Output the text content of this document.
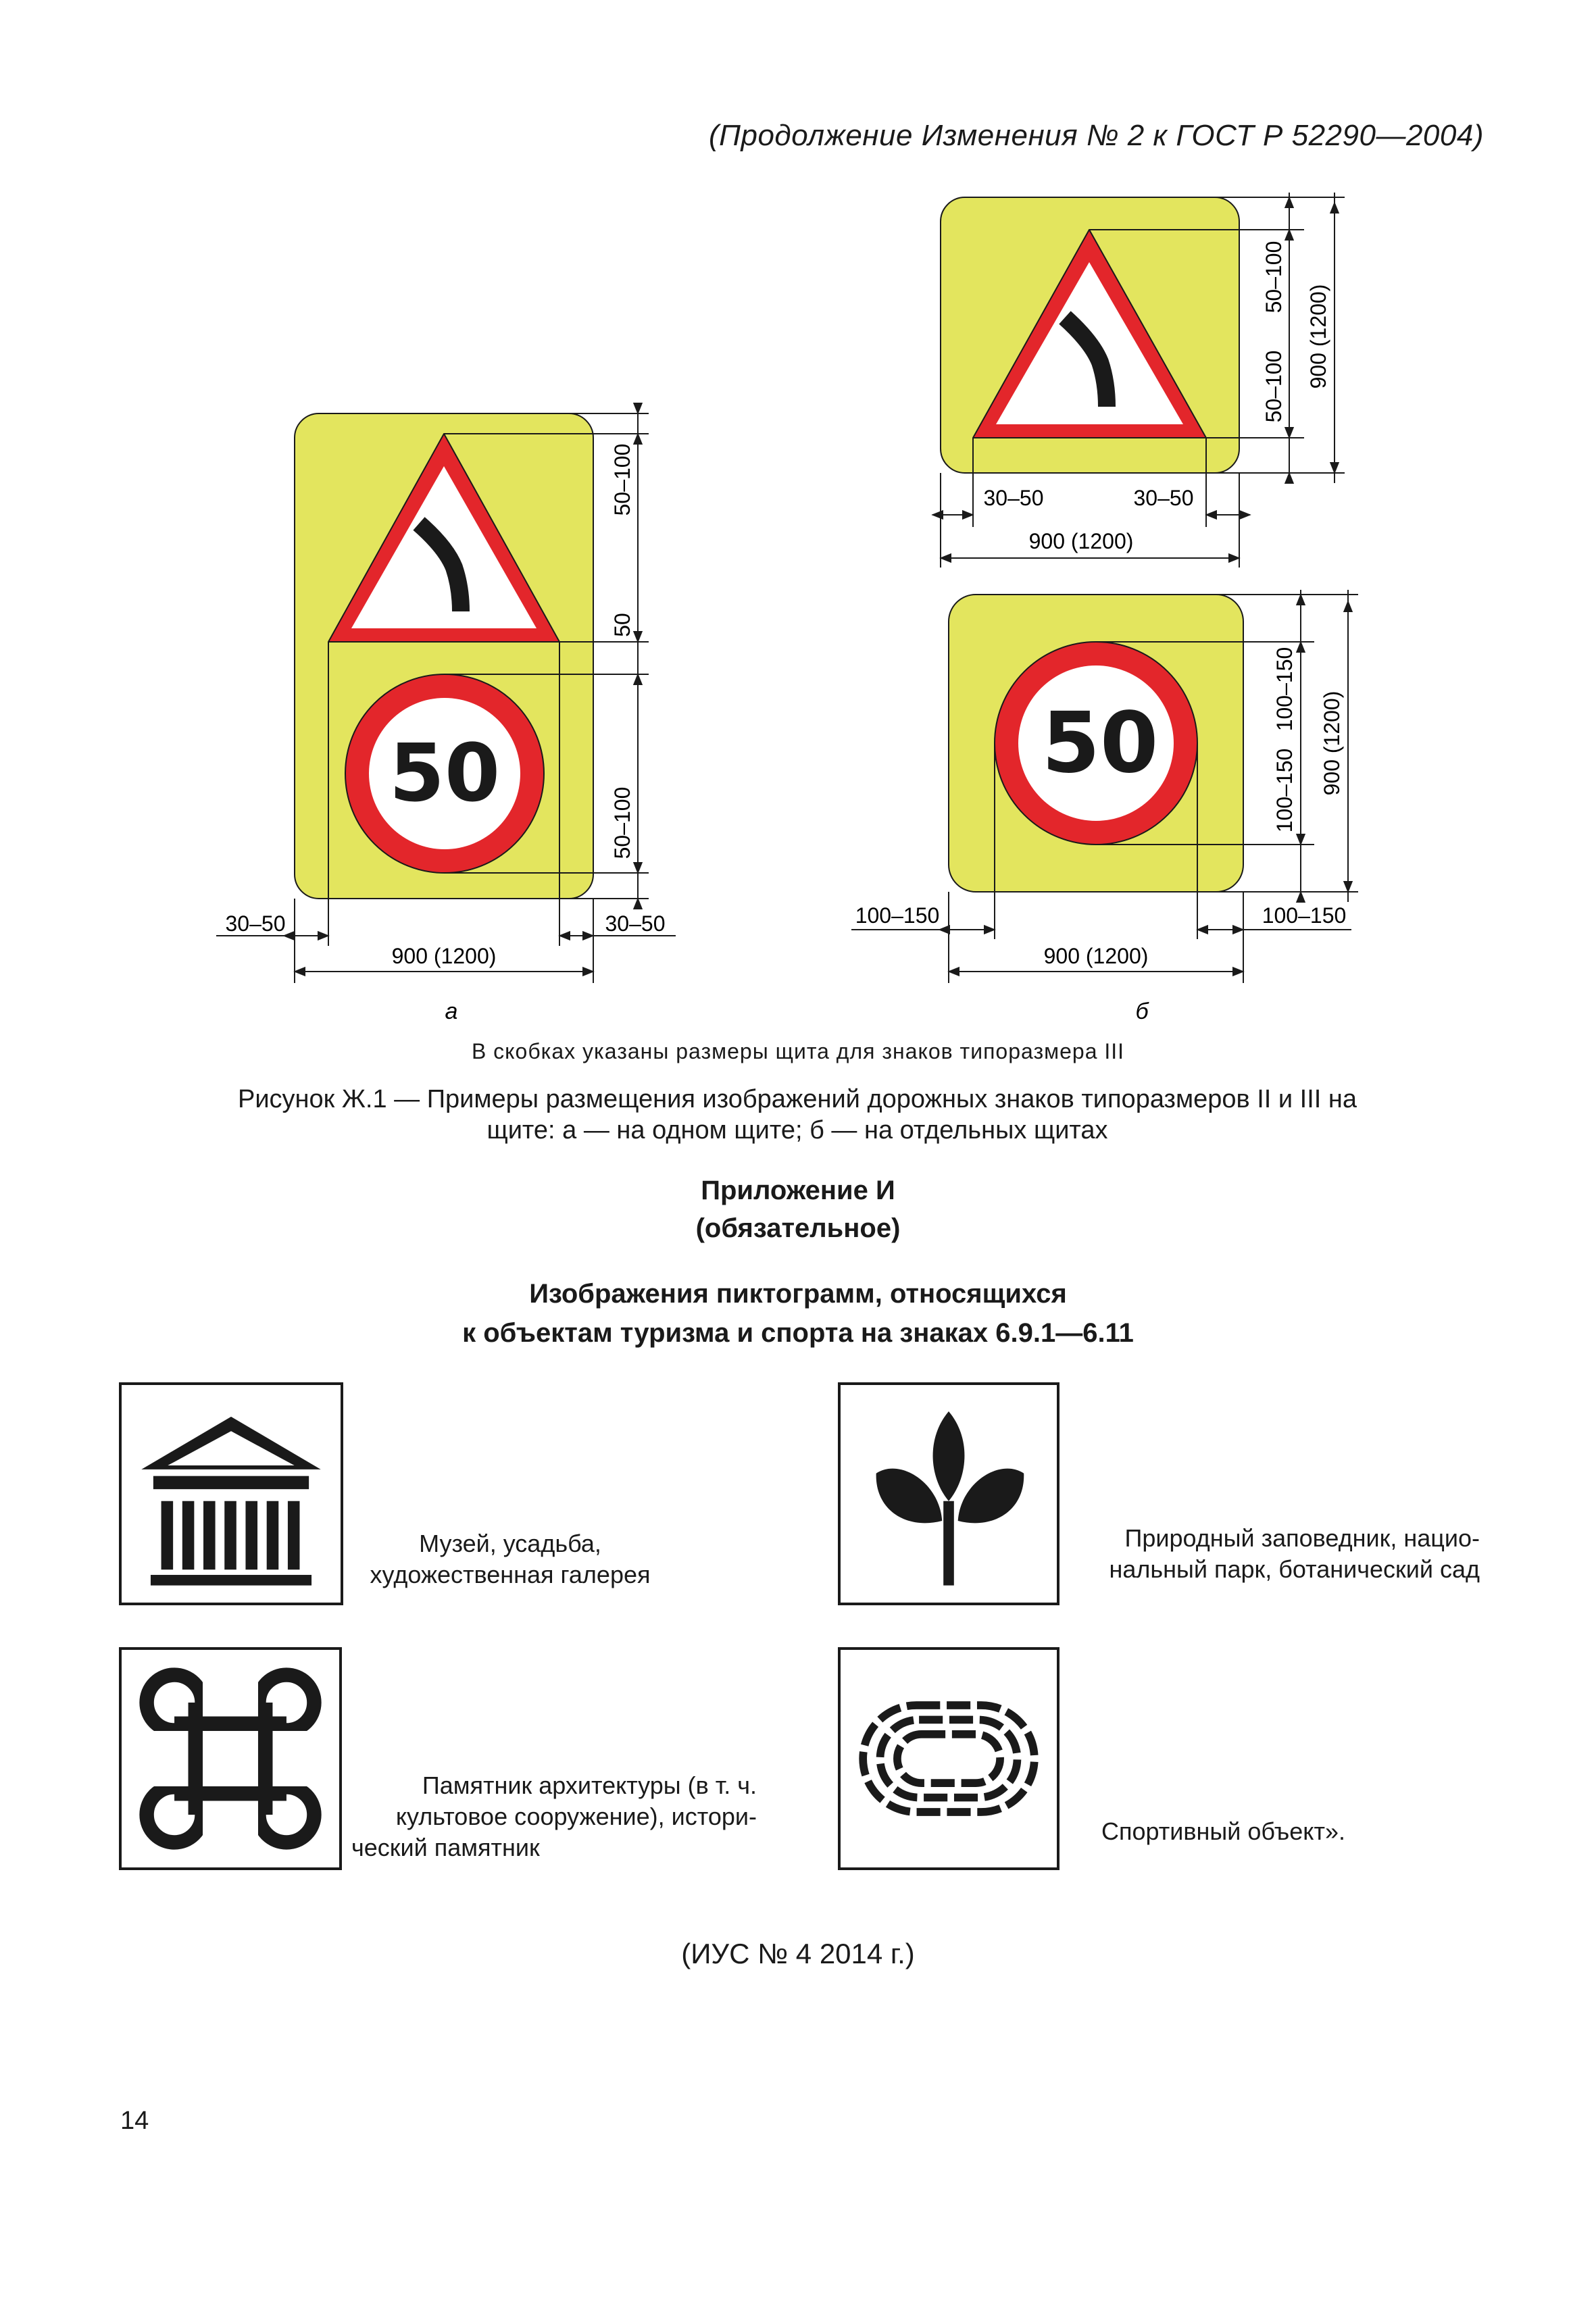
(Продолжение Изменения № 2 к ГОСТ Р 52290—2004)
50
30–50	30–50
900 (1200)
50–100
50
50–100
а
50
50–100
50–100 900 (1200)
30–50	30–50
900 (1200)
100–150
100–150 900 (1200)
100–150	100–150
900 (1200)
б
В скобках указаны размеры щита для знаков типоразмера III
Рисунок Ж.1 — Примеры размещения изображений дорожных знаков типоразмеров II и III на
щите: а — на одном щите; б — на отдельных щитах
Приложение И
(обязательное)
Изображения пиктограмм, относящихся
к объектам туризма и спорта на знаках 6.9.1—6.11
Музей, усадьба,
художественная галерея
Природный заповедник, нацио-
нальный парк, ботанический сад
Памятник архитектуры (в т. ч.
культовое сооружение), истори-
ческий памятник
Спортивный объект».
(ИУС № 4 2014 г.)
14
